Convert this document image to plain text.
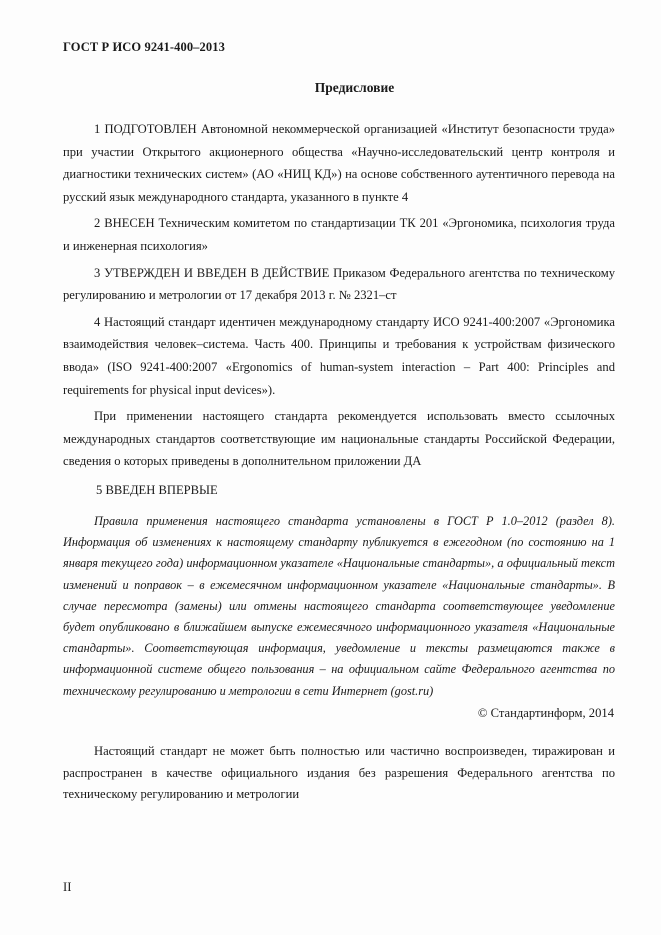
ГОСТ Р ИСО 9241-400–2013
Предисловие

1 ПОДГОТОВЛЕН Автономной некоммерческой организацией «Институт безопасности труда» при участии Открытого акционерного общества «Научно-исследовательский центр контроля и диагностики технических систем» (АО «НИЦ КД») на основе собственного аутентичного перевода на русский язык международного стандарта, указанного в пункте 4

2 ВНЕСЕН Техническим комитетом по стандартизации ТК 201 «Эргономика, психология труда и инженерная психология»

3 УТВЕРЖДЕН И ВВЕДЕН В ДЕЙСТВИЕ Приказом Федерального агентства по техническому регулированию и метрологии от 17 декабря 2013 г. № 2321–ст

4 Настоящий стандарт идентичен международному стандарту ИСО 9241-400:2007 «Эргономика взаимодействия человек–система. Часть 400. Принципы и требования к устройствам физического ввода» (ISO 9241-400:2007 «Ergonomics of human-system interaction – Part 400: Principles and requirements for physical input devices»).

При применении настоящего стандарта рекомендуется использовать вместо ссылочных международных стандартов соответствующие им национальные стандарты Российской Федерации, сведения о которых приведены в дополнительном приложении ДА

5 ВВЕДЕН ВПЕРВЫЕ

Правила применения настоящего стандарта установлены в ГОСТ Р 1.0–2012 (раздел 8). Информация об изменениях к настоящему стандарту публикуется в ежегодном (по состоянию на 1 января текущего года) информационном указателе «Национальные стандарты», а официальный текст изменений и поправок – в ежемесячном информационном указателе «Национальные стандарты». В случае пересмотра (замены) или отмены настоящего стандарта соответствующее уведомление будет опубликовано в ближайшем выпуске ежемесячного информационного указателя «Национальные стандарты». Соответствующая информация, уведомление и тексты размещаются также в информационной системе общего пользования – на официальном сайте Федерального агентства по техническому регулированию и метрологии в сети Интернет (gost.ru)

© Стандартинформ, 2014

Настоящий стандарт не может быть полностью или частично воспроизведен, тиражирован и распространен в качестве официального издания без разрешения Федерального агентства по техническому регулированию и метрологии

II
